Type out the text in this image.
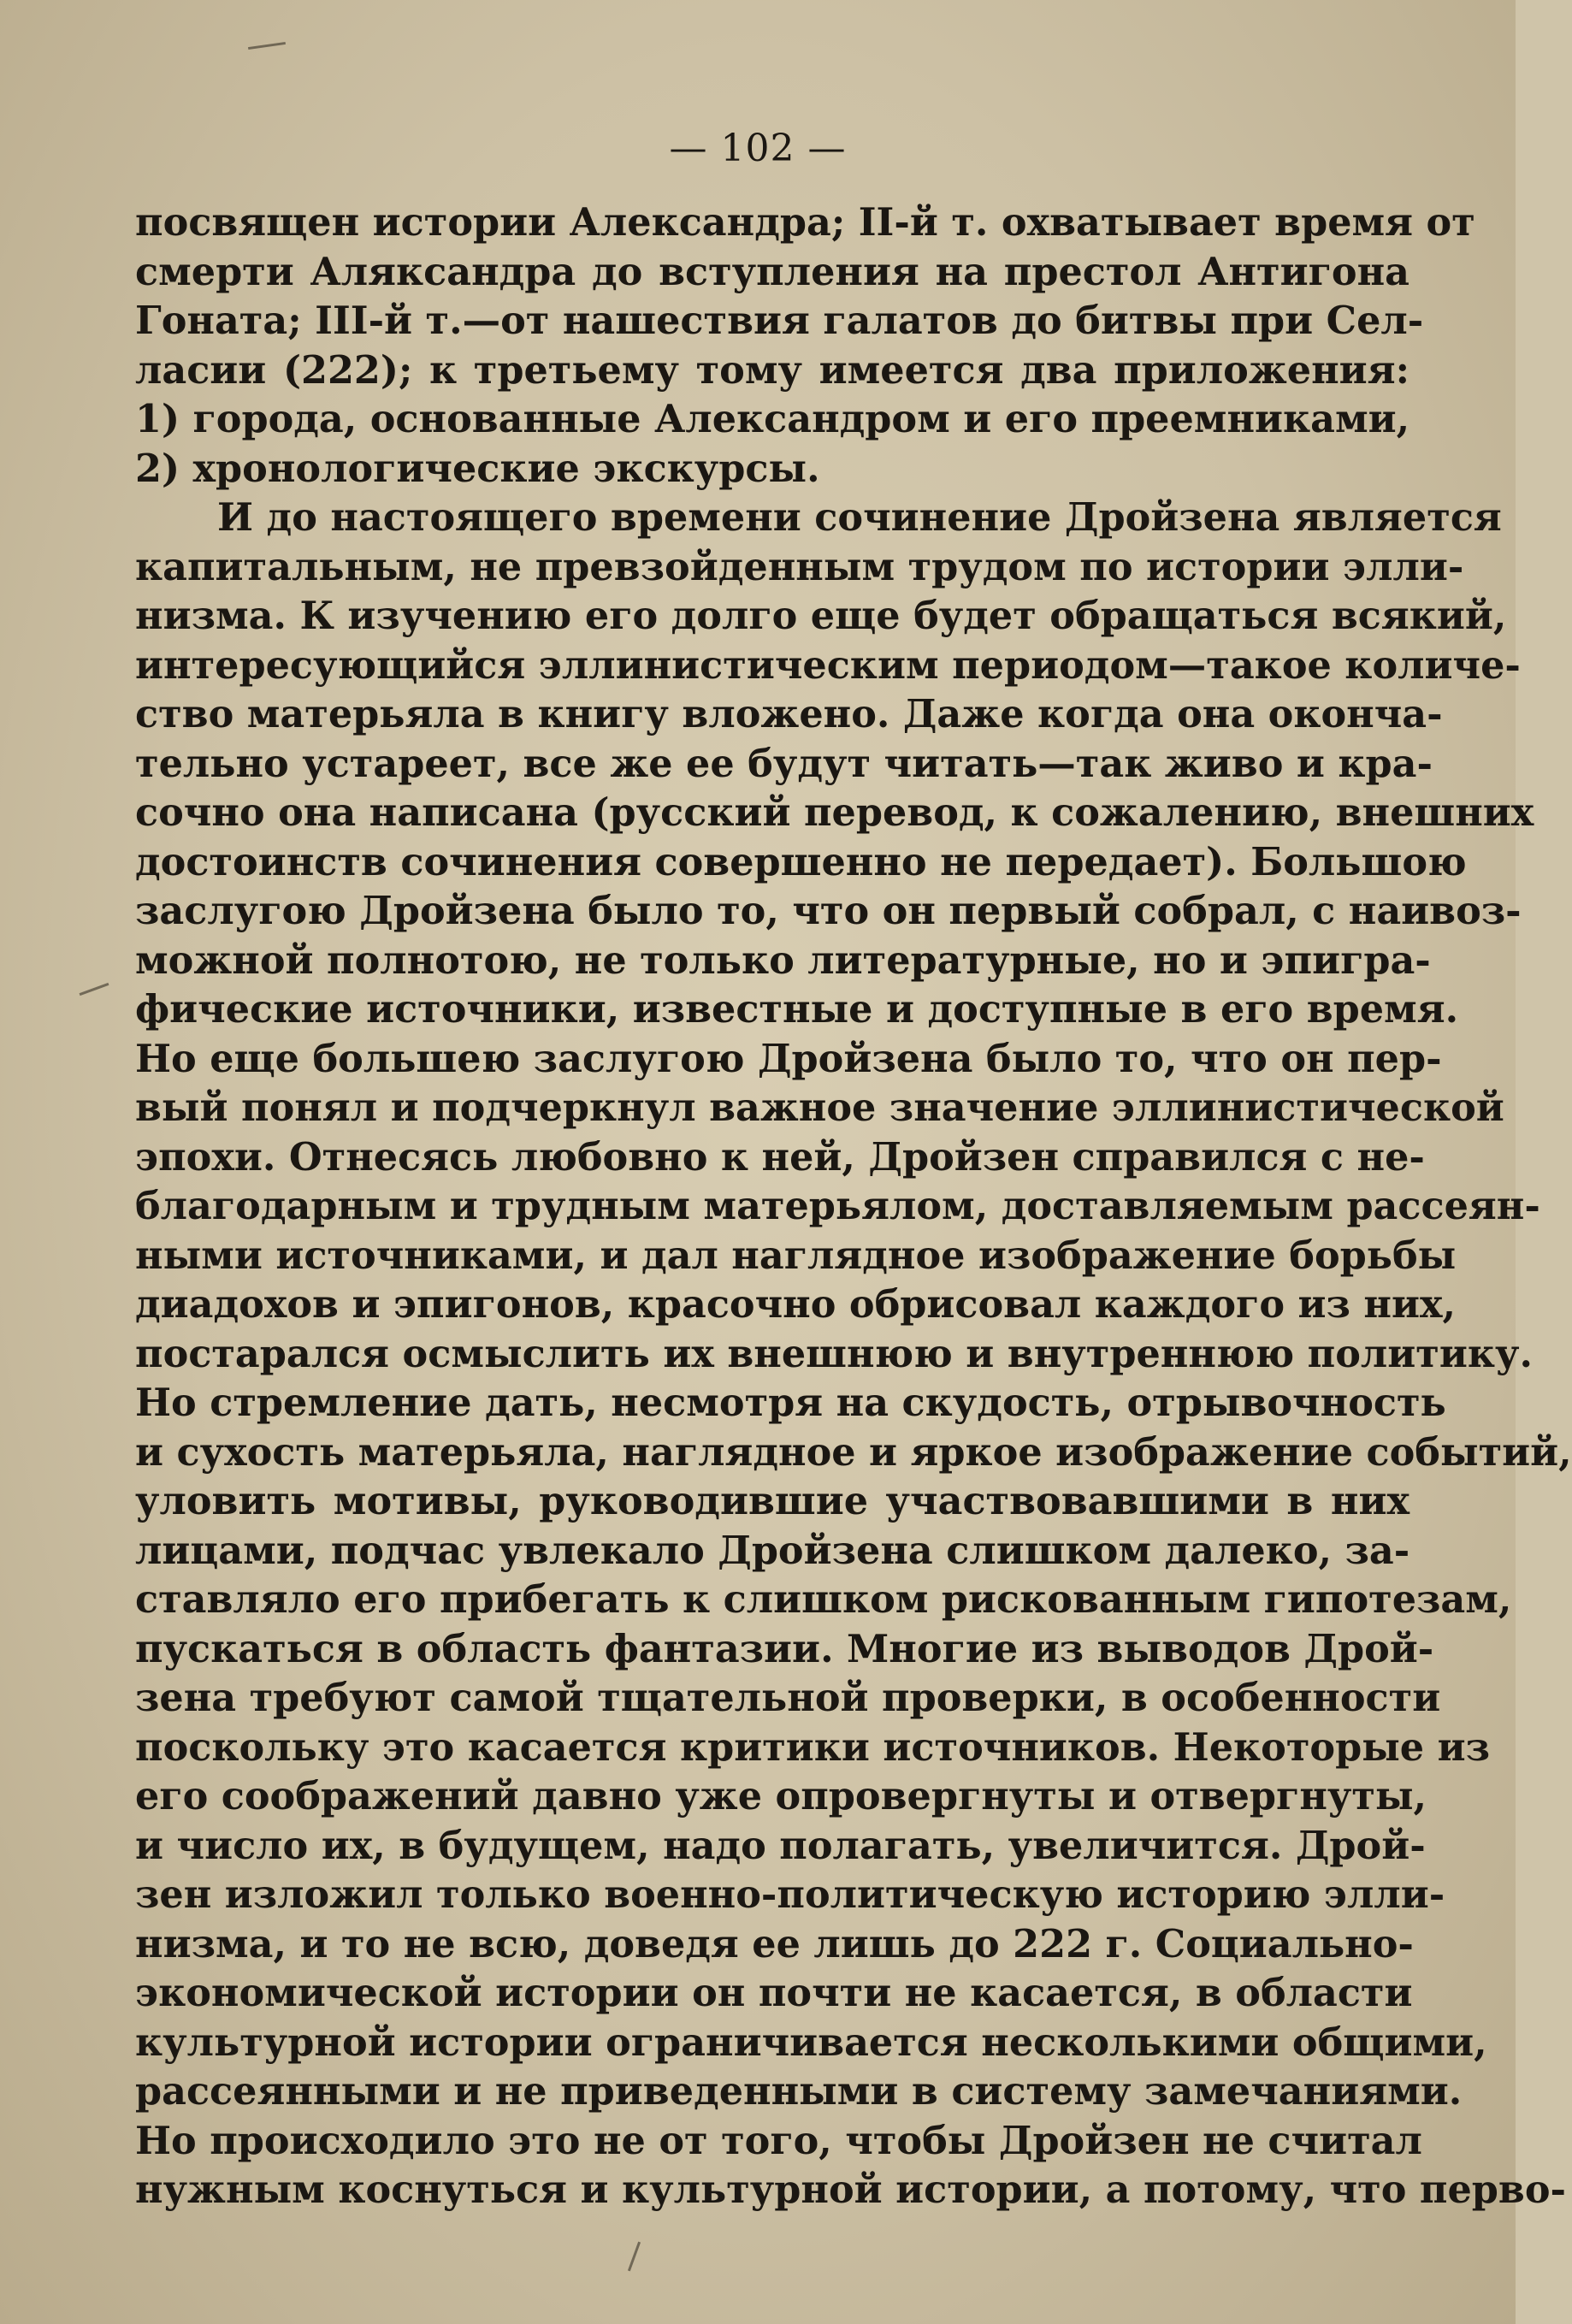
— 102 —
посвящен истории Александра; II-й т. охватывает время от
смерти Аляксандра до вступления на престол Антигона
Гоната; III-й т.—от нашествия галатов до битвы при Сел-
ласии (222); к третьему тому имеется два приложения:
1) города, основанные Александром и его преемниками,
2) хронологические экскурсы.
И до настоящего времени сочинение Дройзена является
капитальным, не превзойденным трудом по истории элли-
низма. К изучению его долго еще будет обращаться всякий,
интересующийся эллинистическим периодом—такое количе-
ство матерьяла в книгу вложено. Даже когда она оконча-
тельно устареет, все же ее будут читать—так живо и кра-
сочно она написана (русский перевод, к сожалению, внешних
достоинств сочинения совершенно не передает). Большою
заслугою Дройзена было то, что он первый собрал, с наивоз-
можной полнотою, не только литературные, но и эпигра-
фические источники, известные и доступные в его время.
Но еще большею заслугою Дройзена было то, что он пер-
вый понял и подчеркнул важное значение эллинистической
эпохи. Отнесясь любовно к ней, Дройзен справился с не-
благодарным и трудным матерьялом, доставляемым рассеян-
ными источниками, и дал наглядное изображение борьбы
диадохов и эпигонов, красочно обрисовал каждого из них,
постарался осмыслить их внешнюю и внутреннюю политику.
Но стремление дать, несмотря на скудость, отрывочность
и сухость матерьяла, наглядное и яркое изображение событий,
уловить мотивы, руководившие участвовавшими в них
лицами, подчас увлекало Дройзена слишком далеко, за-
ставляло его прибегать к слишком рискованным гипотезам,
пускаться в область фантазии. Многие из выводов Дрой-
зена требуют самой тщательной проверки, в особенности
поскольку это касается критики источников. Некоторые из
его соображений давно уже опровергнуты и отвергнуты,
и число их, в будущем, надо полагать, увеличится. Дрой-
зен изложил только военно-политическую историю элли-
низма, и то не всю, доведя ее лишь до 222 г. Социально-
экономической истории он почти не касается, в области
культурной истории ограничивается несколькими общими,
рассеянными и не приведенными в систему замечаниями.
Но происходило это не от того, чтобы Дройзен не считал
нужным коснуться и культурной истории, а потому, что перво-
